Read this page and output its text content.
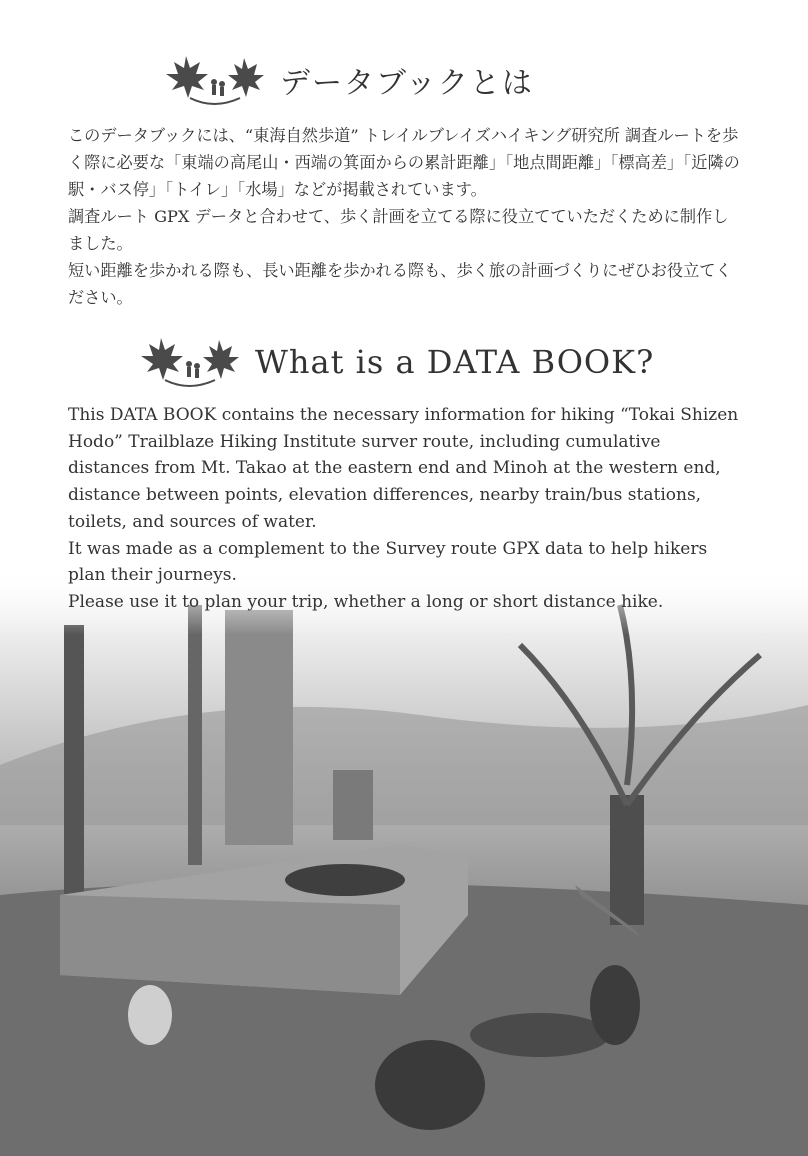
データブックとは

このデータブックには、“東海自然歩道” トレイルブレイズハイキング研究所 調査ルートを歩く際に必要な「東端の高尾山・西端の箕面からの累計距離」「地点間距離」「標高差」「近隣の駅・バス停」「トイレ」「水場」などが掲載されています。

調査ルート GPX データと合わせて、歩く計画を立てる際に役立てていただくために制作しました。

短い距離を歩かれる際も、長い距離を歩かれる際も、歩く旅の計画づくりにぜひお役立てください。

What is a DATA BOOK?

This DATA BOOK contains the necessary information for hiking “Tokai Shizen Hodo” Trailblaze Hiking Institute surver route, including cumulative distances from Mt. Takao at the eastern end and Minoh at the western end, distance between points, elevation differences, nearby train/bus stations, toilets, and sources of water.

It was made as a complement to the Survey route GPX data to help hikers plan their journeys.

Please use it to plan your trip, whether a long or short distance hike.
